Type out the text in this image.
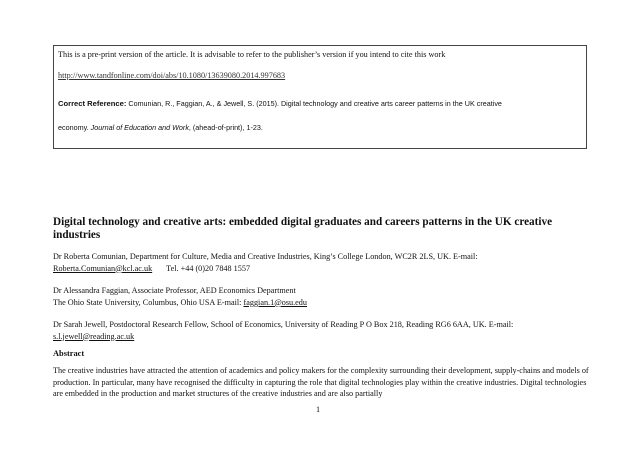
This is a pre-print version of the article. It is advisable to refer to the publisher’s version if you intend to cite this work
http://www.tandfonline.com/doi/abs/10.1080/13639080.2014.997683
Correct Reference: Comunian, R., Faggian, A., & Jewell, S. (2015). Digital technology and creative arts career patterns in the UK creative
economy. Journal of Education and Work, (ahead-of-print), 1-23.
Digital technology and creative arts: embedded digital graduates and careers patterns in the UK creative industries
Dr Roberta Comunian, Department for Culture, Media and Creative Industries, King’s College London, WC2R 2LS, UK. E-mail:
Roberta.Comunian@kcl.ac.uk Tel. +44 (0)20 7848 1557
Dr Alessandra Faggian, Associate Professor, AED Economics Department
The Ohio State University, Columbus, Ohio USA E-mail: faggian.1@osu.edu
Dr Sarah Jewell, Postdoctoral Research Fellow, School of Economics, University of Reading P O Box 218, Reading RG6 6AA, UK. E-mail:
s.l.jewell@reading.ac.uk
Abstract
The creative industries have attracted the attention of academics and policy makers for the complexity surrounding their development, supply-chains and models of production. In particular, many have recognised the difficulty in capturing the role that digital technologies play within the creative industries. Digital technologies are embedded in the production and market structures of the creative industries and are also partially
1
